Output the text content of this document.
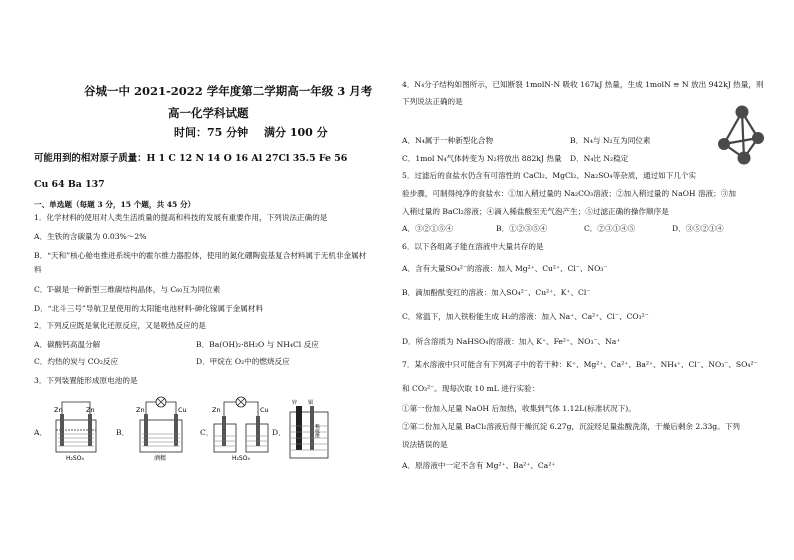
谷城一中 2021-2022 学年度第二学期高一年级 3 月考
高一化学科试题
时间：75 分钟 满分 100 分
可能用到的相对原子质量：H 1 C 12 N 14 O 16 Al 27Cl 35.5 Fe 56
Cu 64 Ba 137
一、单选题（每题 3 分，15 个题，共 45 分）
1．化学材料的使用对人类生活质量的提高和科技的发展有重要作用，下列说法正确的是
A．生铁的含碳量为 0.03%～2%
B．“天和”核心舱电推进系统中的霍尔推力器腔体，使用的氮化硼陶瓷基复合材料属于无机非金属材
料
C．T-碳是一种新型三维碳结构晶体，与 C₆₀互为同位素
D．“北斗三号”导航卫星使用的太阳能电池材料-砷化镓属于金属材料
2．下列反应既是氧化还原反应，又是吸热反应的是
A．碳酸钙高温分解	B．Ba(OH)₂·8H₂O 与 NH₄Cl 反应
C．灼热的炭与 CO₂反应	D．甲烷在 O₂中的燃烧反应
3．下列装置能形成原电池的是
A．	B．	C．	D．
Zn	Zn
H₂SO₄
Zn	Cu
酒精
Zn	Cu
H₂SO₄
锌 铜
稀硫酸
4．N₄分子结构如图所示，已知断裂 1molN-N 吸收 167kJ 热量，生成 1molN ≡ N 放出 942kJ 热量，则
下列说法正确的是
A．N₄属于一种新型化合物	B．N₄与 N₂互为同位素
C．1mol N₄气体转变为 N₂将放出 882kJ 热量 D．N₄比 N₂稳定
5．过滤后的食盐水仍含有可溶性的 CaCl₂、MgCl₂、Na₂SO₄等杂质，通过如下几个实
验步骤，可制得纯净的食盐水：①加入稍过量的 Na₂CO₃溶液；②加入稍过量的 NaOH 溶液；③加
入稍过量的 BaCl₂溶液；④滴入稀盐酸至无气泡产生；⑤过滤正确的操作顺序是
A．③②①⑤④	B．①②③⑤④	C．②③①④⑤	D．③⑤②①④
6．以下各组离子能在溶液中大量共存的是
A．含有大量SO₄²⁻的溶液：加入 Mg²⁺、Cu²⁺、Cl⁻、NO₃⁻
B．滴加酚酞变红的溶液：加入SO₄²⁻、Cu²⁺、K⁺、Cl⁻
C．常温下，加入铁粉能生成 H₂的溶液：加入 Na⁺、Ca²⁺、Cl⁻、CO₃²⁻
D．所含溶质为 NaHSO₄的溶液：加入 K⁺、Fe²⁺、NO₃⁻、Na⁺
7．某水溶液中只可能含有下列离子中的若干种：K⁺、Mg²⁺、Ca²⁺、Ba²⁺、NH₄⁺、Cl⁻、NO₃⁻、SO₄²⁻
和 CO₃²⁻。现每次取 10 mL 进行实验：
①第一份加入足量 NaOH 后加热，收集到气体 1.12L(标准状况下)。
②第二份加入足量 BaCl₂溶液后得干燥沉淀 6.27g，沉淀经足量盐酸洗涤，干燥后剩余 2.33g。下列
说法错误的是
A．原溶液中一定不含有 Mg²⁺、Ba²⁺、Ca²⁺
